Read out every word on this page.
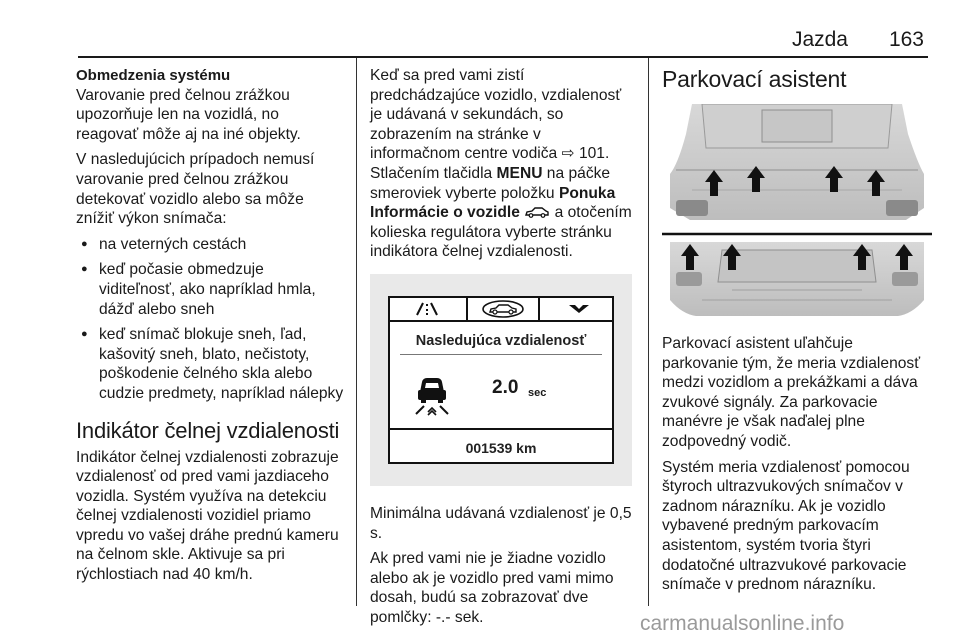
Jazda 163
Obmedzenia systému

Varovanie pred čelnou zrážkou upozorňuje len na vozidlá, no reagovať môže aj na iné objekty.

V nasledujúcich prípadoch nemusí varovanie pred čelnou zrážkou detekovať vozidlo alebo sa môže znížiť výkon snímača:

● na veterných cestách
● keď počasie obmedzuje viditeľnosť, ako napríklad hmla, dážď alebo sneh
● keď snímač blokuje sneh, ľad, kašovitý sneh, blato, nečistoty, poškodenie čelného skla alebo cudzie predmety, napríklad nálepky
Indikátor čelnej vzdialenosti

Indikátor čelnej vzdialenosti zobrazuje vzdialenosť od pred vami jazdiaceho vozidla. Systém využíva na detekciu čelnej vzdialenosti vozidiel priamo vpredu vo vašej dráhe prednú kameru na čelnom skle. Aktivuje sa pri rýchlostiach nad 40 km/h.

Keď sa pred vami zistí predchádzajúce vozidlo, vzdialenosť je udávaná v sekundách, so zobrazením na stránke v informačnom centre vodiča ⇨ 101. Stlačením tlačidla MENU na páčke smeroviek vyberte položku Ponuka Informácie o vozidle  a otočením kolieska regulátora vyberte stránku indikátora čelnej vzdialenosti.

Nasledujúca vzdialenosť
2.0 sec
001539 km

Minimálna udávaná vzdialenosť je 0,5 s.

Ak pred vami nie je žiadne vozidlo alebo ak je vozidlo pred vami mimo dosah, budú sa zobrazovať dve pomlčky: -.- sek.

Parkovací asistent

Parkovací asistent uľahčuje parkovanie tým, že meria vzdialenosť medzi vozidlom a prekážkami a dáva zvukové signály. Za parkovacie manévre je však naďalej plne zodpovedný vodič.

Systém meria vzdialenosť pomocou štyroch ultrazvukových snímačov v zadnom nárazníku. Ak je vozidlo vybavené predným parkovacím asistentom, systém tvoria štyri dodatočné ultrazvukové parkovacie snímače v prednom nárazníku.

carmanualsonline.info
